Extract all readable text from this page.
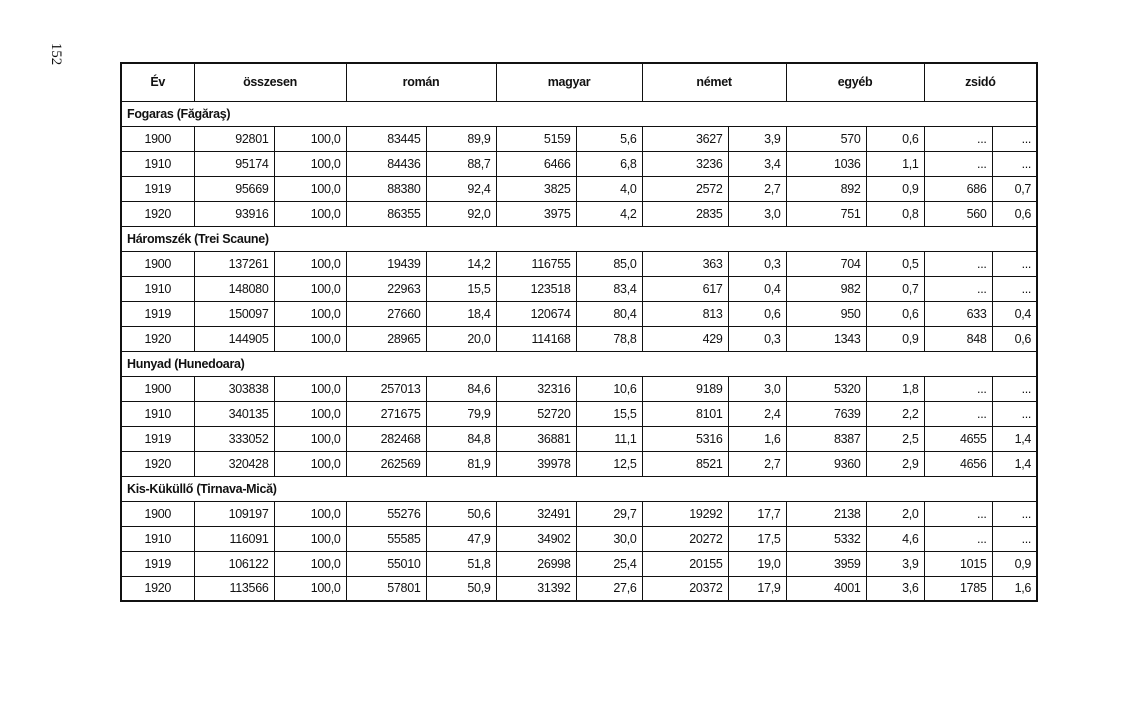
152
Év	összesen		román		magyar		német		egyéb		zsidó	
Fogaras (Făgăraş)												
1900	92801	100,0	83445	89,9	5159	5,6	3627	3,9	570	0,6	...	...
1910	95174	100,0	84436	88,7	6466	6,8	3236	3,4	1036	1,1	...	...
1919	95669	100,0	88380	92,4	3825	4,0	2572	2,7	892	0,9	686	0,7
1920	93916	100,0	86355	92,0	3975	4,2	2835	3,0	751	0,8	560	0,6
Háromszék (Trei Scaune)												
1900	137261	100,0	19439	14,2	116755	85,0	363	0,3	704	0,5	...	...
1910	148080	100,0	22963	15,5	123518	83,4	617	0,4	982	0,7	...	...
1919	150097	100,0	27660	18,4	120674	80,4	813	0,6	950	0,6	633	0,4
1920	144905	100,0	28965	20,0	114168	78,8	429	0,3	1343	0,9	848	0,6
Hunyad (Hunedoara)												
1900	303838	100,0	257013	84,6	32316	10,6	9189	3,0	5320	1,8	...	...
1910	340135	100,0	271675	79,9	52720	15,5	8101	2,4	7639	2,2	...	...
1919	333052	100,0	282468	84,8	36881	11,1	5316	1,6	8387	2,5	4655	1,4
1920	320428	100,0	262569	81,9	39978	12,5	8521	2,7	9360	2,9	4656	1,4
Kis-Küküllő (Tirnava-Mică)												
1900	109197	100,0	55276	50,6	32491	29,7	19292	17,7	2138	2,0	...	...
1910	116091	100,0	55585	47,9	34902	30,0	20272	17,5	5332	4,6	...	...
1919	106122	100,0	55010	51,8	26998	25,4	20155	19,0	3959	3,9	1015	0,9
1920	113566	100,0	57801	50,9	31392	27,6	20372	17,9	4001	3,6	1785	1,6
